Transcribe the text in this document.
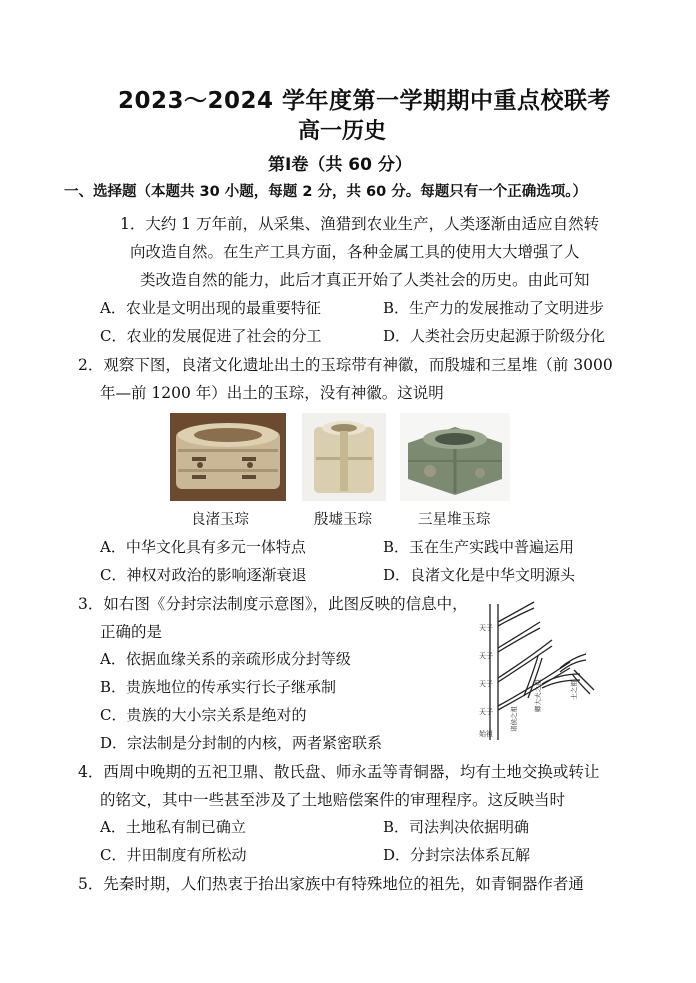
2023～2024 学年度第一学期期中重点校联考
高一历史
第Ⅰ卷（共 60 分）
一、选择题（本题共 30 小题，每题 2 分，共 60 分。每题只有一个正确选项。）
1．大约 1 万年前，从采集、渔猎到农业生产，人类逐渐由适应自然转
向改造自然。在生产工具方面，各种金属工具的使用大大增强了人
类改造自然的能力，此后才真正开始了人类社会的历史。由此可知
A．农业是文明出现的最重要特征	B．生产力的发展推动了文明进步
C．农业的发展促进了社会的分工	D．人类社会历史起源于阶级分化
2．观察下图，良渚文化遗址出土的玉琮带有神徽，而殷墟和三星堆（前 3000
年—前 1200 年）出土的玉琮，没有神徽。这说明
良渚玉琮	殷墟玉琮	三星堆玉琮
A．中华文化具有多元一体特点	B．玉在生产实践中普遍运用
C．神权对政治的影响逐渐衰退	D．良渚文化是中华文明源头
3．如右图《分封宗法制度示意图》，此图反映的信息中，
正确的是
A．依据血缘关系的亲疏形成分封等级
B．贵族地位的传承实行长子继承制
C．贵族的大小宗关系是绝对的
D．宗法制是分封制的内核，两者紧密联系
天子
天子
天子
天子
始祖
诸侯之祖
卿大夫之祖	士之祖
4．西周中晚期的五祀卫鼎、散氏盘、师永盂等青铜器，均有土地交换或转让
的铭文，其中一些甚至涉及了土地赔偿案件的审理程序。这反映当时
A．土地私有制已确立	B．司法判决依据明确
C．井田制度有所松动	D．分封宗法体系瓦解
5．先秦时期，人们热衷于抬出家族中有特殊地位的祖先，如青铜器作者通
